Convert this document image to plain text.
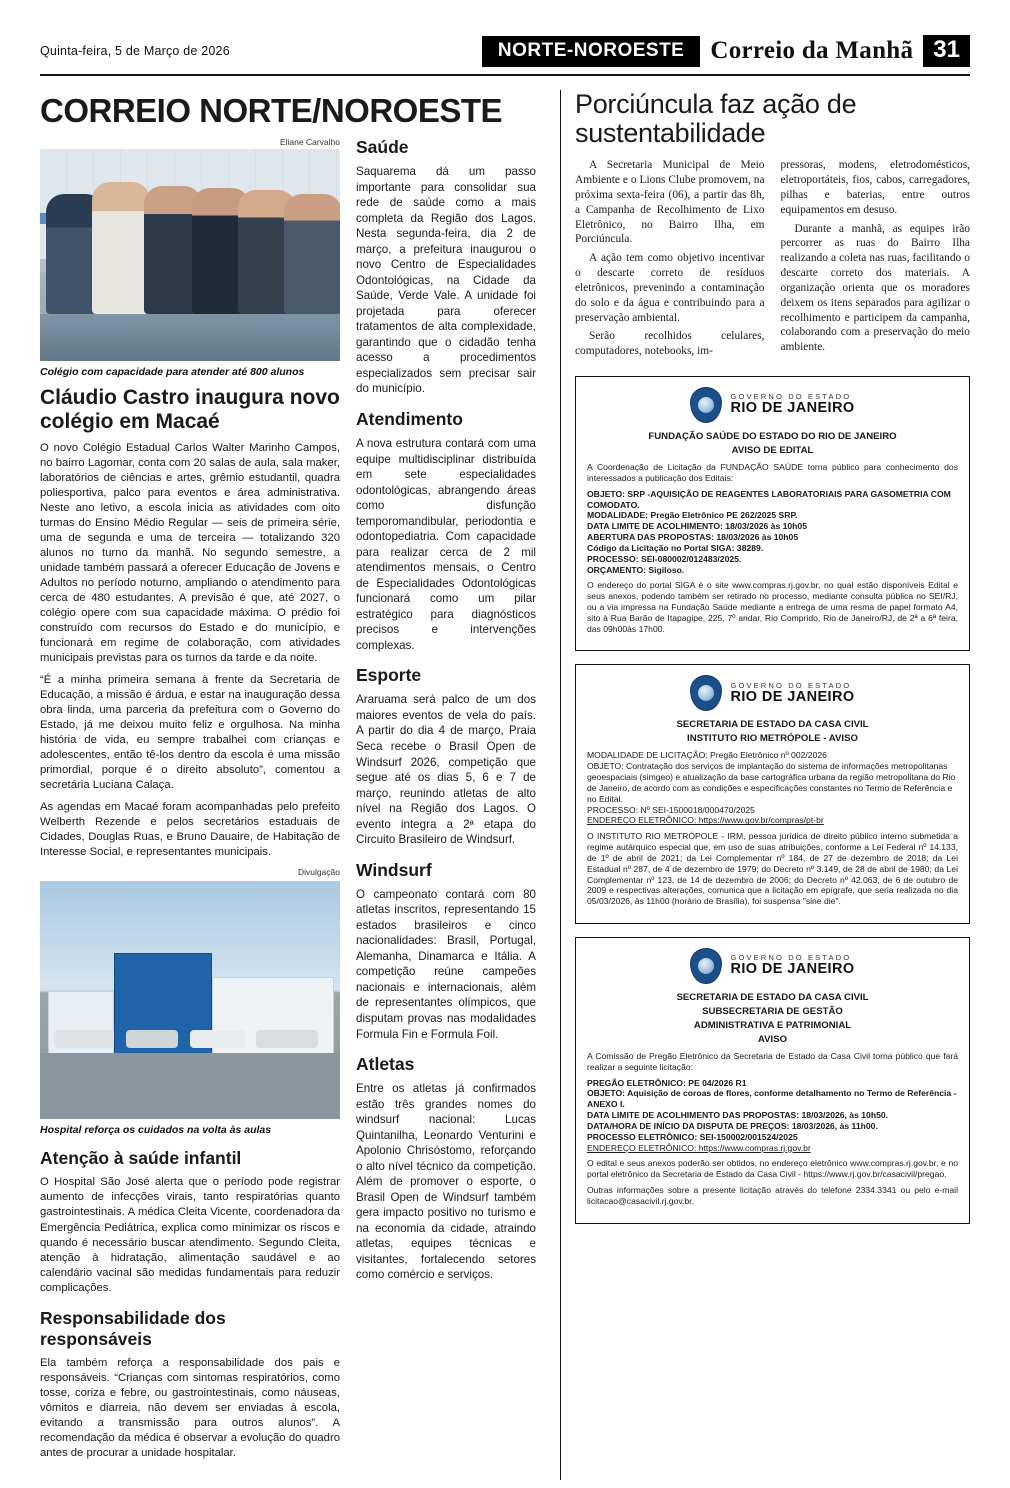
Quinta-feira, 5 de Março de 2026	NORTE-NOROESTE	Correio da Manhã 31
CORREIO NORTE/NOROESTE
Eliane Carvalho
Colégio com capacidade para atender até 800 alunos
Cláudio Castro inaugura novo colégio em Macaé

O novo Colégio Estadual Carlos Walter Marinho Campos, no bairro Lagomar, conta com 20 salas de aula, sala maker, laboratórios de ciências e artes, grêmio estudantil, quadra poliesportiva, palco para eventos e área administrativa. Neste ano letivo, a escola inicia as atividades com oito turmas do Ensino Médio Regular — seis de primeira série, uma de segunda e uma de terceira — totalizando 320 alunos no turno da manhã. No segundo semestre, a unidade também passará a oferecer Educação de Jovens e Adultos no período noturno, ampliando o atendimento para cerca de 480 estudantes. A previsão é que, até 2027, o colégio opere com sua capacidade máxima. O prédio foi construído com recursos do Estado e do município, e funcionará em regime de colaboração, com atividades municipais previstas para os turnos da tarde e da noite.

“É a minha primeira semana à frente da Secretaria de Educação, a missão é árdua, e estar na inauguração dessa obra linda, uma parceria da prefeitura com o Governo do Estado, já me deixou muito feliz e orgulhosa. Na minha história de vida, eu sempre trabalhei com crianças e adolescentes, então tê-los dentro da escola é uma missão primordial, porque é o direito absoluto”, comentou a secretária Luciana Calaça.

As agendas em Macaé foram acompanhadas pelo prefeito Welberth Rezende e pelos secretários estaduais de Cidades, Douglas Ruas, e Bruno Dauaire, de Habitação de Interesse Social, e representantes municipais.

Divulgação
Hospital reforça os cuidados na volta às aulas
Atenção à saúde infantil

O Hospital São José alerta que o período pode registrar aumento de infecções virais, tanto respiratórias quanto gastrointestinais. A médica Cleita Vicente, coordenadora da Emergência Pediátrica, explica como minimizar os riscos e quando é necessário buscar atendimento. Segundo Cleita, atenção à hidratação, alimentação saudável e ao calendário vacinal são medidas fundamentais para reduzir complicações.

Responsabilidade dos responsáveis

Ela também reforça a responsabilidade dos pais e responsáveis. “Crianças com sintomas respiratórios, como tosse, coriza e febre, ou gastrointestinais, como náuseas, vômitos e diarreia, não devem ser enviadas à escola, evitando a transmissão para outros alunos”. A recomendação da médica é observar a evolução do quadro antes de procurar a unidade hospitalar.

Saúde

Saquarema dá um passo importante para consolidar sua rede de saúde como a mais completa da Região dos Lagos. Nesta segunda-feira, dia 2 de março, a prefeitura inaugurou o novo Centro de Especialidades Odontológicas, na Cidade da Saúde, Verde Vale. A unidade foi projetada para oferecer tratamentos de alta complexidade, garantindo que o cidadão tenha acesso a procedimentos especializados sem precisar sair do município.

Atendimento

A nova estrutura contará com uma equipe multidisciplinar distribuída em sete especialidades odontológicas, abrangendo áreas como disfunção temporomandibular, periodontia e odontopediatria. Com capacidade para realizar cerca de 2 mil atendimentos mensais, o Centro de Especialidades Odontológicas funcionará como um pilar estratégico para diagnósticos precisos e intervenções complexas.

Esporte

Araruama será palco de um dos maiores eventos de vela do país. A partir do dia 4 de março, Praia Seca recebe o Brasil Open de Windsurf 2026, competição que segue até os dias 5, 6 e 7 de março, reunindo atletas de alto nível na Região dos Lagos. O evento integra a 2ª etapa do Circuito Brasileiro de Windsurf.

Windsurf

O campeonato contará com 80 atletas inscritos, representando 15 estados brasileiros e cinco nacionalidades: Brasil, Portugal, Alemanha, Dinamarca e Itália. A competição reúne campeões nacionais e internacionais, além de representantes olímpicos, que disputam provas nas modalidades Formula Fin e Formula Foil.

Atletas

Entre os atletas já confirmados estão três grandes nomes do windsurf nacional: Lucas Quintanilha, Leonardo Venturini e Apolonio Chrisóstomo, reforçando o alto nível técnico da competição. Além de promover o esporte, o Brasil Open de Windsurf também gera impacto positivo no turismo e na economia da cidade, atraindo atletas, equipes técnicas e visitantes, fortalecendo setores como comércio e serviços.

Porciúncula faz ação de sustentabilidade

A Secretaria Municipal de Meio Ambiente e o Lions Clube promovem, na próxima sexta-feira (06), a partir das 8h, a Campanha de Recolhimento de Lixo Eletrônico, no Bairro Ilha, em Porciúncula.

A ação tem como objetivo incentivar o descarte correto de resíduos eletrônicos, prevenindo a contaminação do solo e da água e contribuindo para a preservação ambiental.

Serão recolhidos celulares, computadores, notebooks, im-

pressoras, modens, eletrodomésticos, eletroportáteis, fios, cabos, carregadores, pilhas e baterias, entre outros equipamentos em desuso.

Durante a manhã, as equipes irão percorrer as ruas do Bairro Ilha realizando a coleta nas ruas, facilitando o descarte correto dos materiais. A organização orienta que os moradores deixem os itens separados para agilizar o recolhimento e participem da campanha, colaborando com a preservação do meio ambiente.

GOVERNO DO ESTADO
RIO DE JANEIRO
FUNDAÇÃO SAÚDE DO ESTADO DO RIO DE JANEIRO
AVISO DE EDITAL

A Coordenação de Licitação da FUNDAÇÃO SAÚDE torna público para conhecimento dos interessados a publicação dos Editais:

OBJETO: SRP -AQUISIÇÃO DE REAGENTES LABORATORIAIS PARA GASOMETRIA COM COMODATO.
MODALIDADE: Pregão Eletrônico PE 262/2025 SRP.
DATA LIMITE DE ACOLHIMENTO: 18/03/2026 às 10h05
ABERTURA DAS PROPOSTAS: 18/03/2026 às 10h05
Código da Licitação no Portal SIGA: 38289.
PROCESSO: SEI-080002/012483/2025.
ORÇAMENTO: Sigiloso.

O endereço do portal SIGA é o site www.compras.rj.gov.br, no qual estão disponíveis Edital e seus anexos, podendo também ser retirado no processo, mediante consulta pública no SEI/RJ, ou a via impressa na Fundação Saúde mediante a entrega de uma resma de papel formato A4, sito à Rua Barão de Itapagipe, 225, 7º andar, Rio Comprido, Rio de Janeiro/RJ, de 2ª a 6ª feira, das 09h00às 17h00.

GOVERNO DO ESTADO
RIO DE JANEIRO
SECRETARIA DE ESTADO DA CASA CIVIL
INSTITUTO RIO METRÓPOLE - AVISO
MODALIDADE DE LICITAÇÃO: Pregão Eletrônico nº 002/2026
OBJETO: Contratação dos serviços de implantação do sistema de informações metropolitanas geoespaciais (simgeo) e atualização da base cartográfica urbana da região metropolitana do Rio de Janeiro, de acordo com as condições e especificações constantes no Termo de Referência e no Edital.
PROCESSO: Nº SEI-1500018/000470/2025
ENDEREÇO ELETRÔNICO: https://www.gov.br/compras/pt-br

O INSTITUTO RIO METRÓPOLE - IRM, pessoa jurídica de direito público interno submetida a regime autárquico especial que, em uso de suas atribuições, conforme a Lei Federal nº 14.133, de 1º de abril de 2021; da Lei Complementar nº 184, de 27 de dezembro de 2018; da Lei Estadual nº 287, de 4 de dezembro de 1979; do Decreto nº 3.149, de 28 de abril de 1980; da Lei Complementar nº 123, de 14 de dezembro de 2006; do Decreto nº 42.063, de 6 de outubro de 2009 e respectivas alterações, comunica que a licitação em epígrafe, que seria realizada no dia 05/03/2026, às 11h00 (horário de Brasília), foi suspensa "sine die".

GOVERNO DO ESTADO
RIO DE JANEIRO
SECRETARIA DE ESTADO DA CASA CIVIL
SUBSECRETARIA DE GESTÃO
ADMINISTRATIVA E PATRIMONIAL
AVISO

A Comissão de Pregão Eletrônico da Secretaria de Estado da Casa Civil torna público que fará realizar a seguinte licitação:

PREGÃO ELETRÔNICO: PE 04/2026 R1
OBJETO: Aquisição de coroas de flores, conforme detalhamento no Termo de Referência - ANEXO I.
DATA LIMITE DE ACOLHIMENTO DAS PROPOSTAS: 18/03/2026, às 10h50.
DATA/HORA DE INÍCIO DA DISPUTA DE PREÇOS: 18/03/2026, às 11h00.
PROCESSO ELETRÔNICO: SEI-150002/001524/2025
ENDEREÇO ELETRÔNICO: https://www.compras.rj.gov.br

O edital e seus anexos poderão ser obtidos, no endereço eletrônico www.compras.rj.gov.br, e no portal eletrônico da Secretaria de Estado da Casa Civil - https://www.rj.gov.br/casacivil/pregao.

Outras informações sobre a presente licitação através do telefone 2334.3341 ou pelo e-mail licitacao@casacivil.rj.gov.br.
